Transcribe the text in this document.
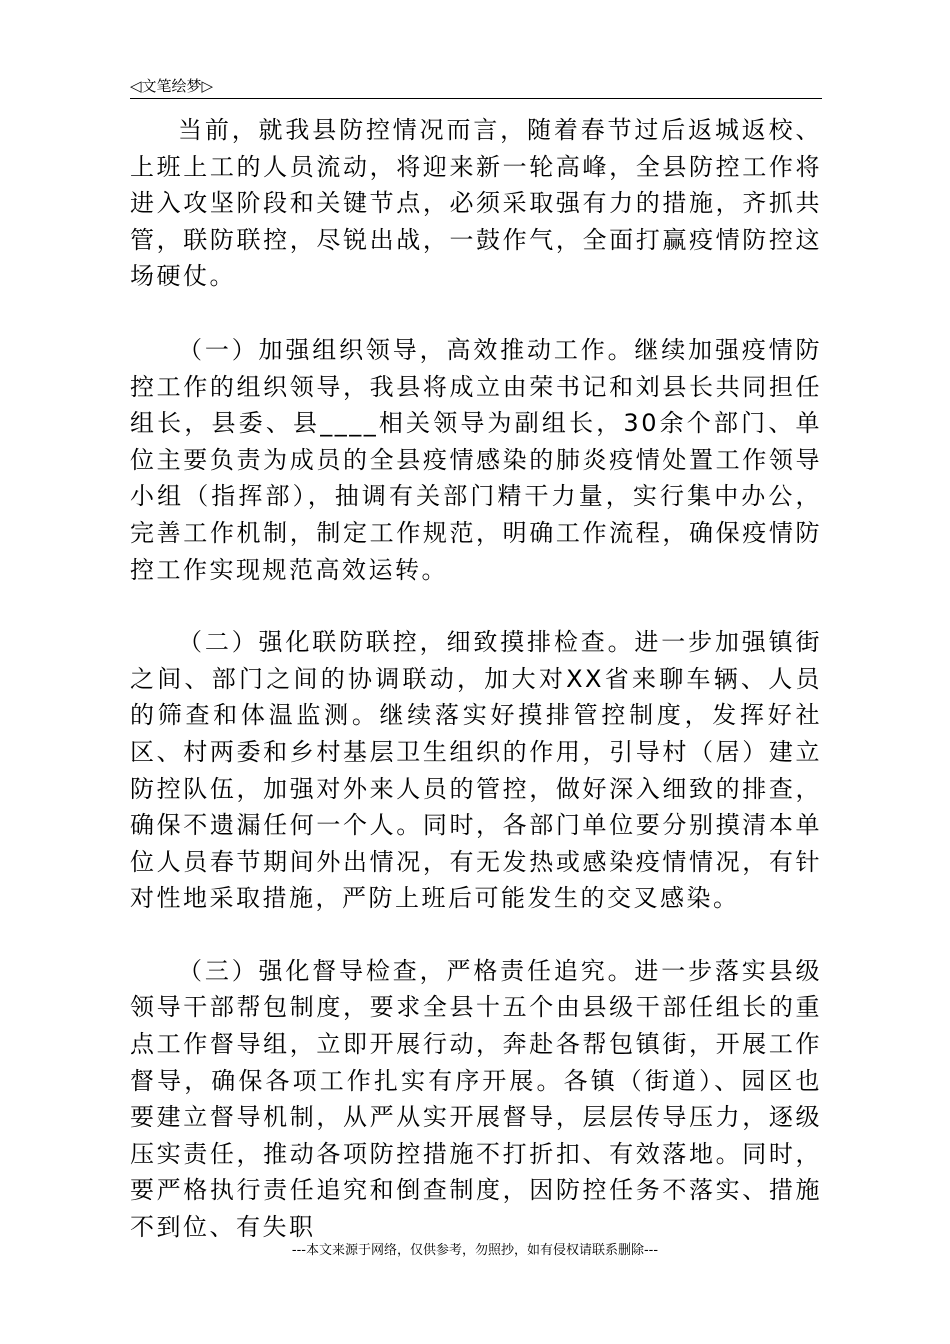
◁文笔绘梦▷

当前，就我县防控情况而言，随着春节过后返城返校、上班上工的人员流动，将迎来新一轮高峰，全县防控工作将进入攻坚阶段和关键节点，必须采取强有力的措施，齐抓共管，联防联控，尽锐出战，一鼓作气，全面打赢疫情防控这场硬仗。

（一）加强组织领导，高效推动工作。继续加强疫情防控工作的组织领导，我县将成立由荣书记和刘县长共同担任组长，县委、县____相关领导为副组长，30余个部门、单位主要负责为成员的全县疫情感染的肺炎疫情处置工作领导小组（指挥部），抽调有关部门精干力量，实行集中办公，完善工作机制，制定工作规范，明确工作流程，确保疫情防控工作实现规范高效运转。

（二）强化联防联控，细致摸排检查。进一步加强镇街之间、部门之间的协调联动，加大对XX省来聊车辆、人员的筛查和体温监测。继续落实好摸排管控制度，发挥好社区、村两委和乡村基层卫生组织的作用，引导村（居）建立防控队伍，加强对外来人员的管控，做好深入细致的排查，确保不遗漏任何一个人。同时，各部门单位要分别摸清本单位人员春节期间外出情况，有无发热或感染疫情情况，有针对性地采取措施，严防上班后可能发生的交叉感染。

（三）强化督导检查，严格责任追究。进一步落实县级领导干部帮包制度，要求全县十五个由县级干部任组长的重点工作督导组，立即开展行动，奔赴各帮包镇街，开展工作督导，确保各项工作扎实有序开展。各镇（街道）、园区也要建立督导机制，从严从实开展督导，层层传导压力，逐级压实责任，推动各项防控措施不打折扣、有效落地。同时，要严格执行责任追究和倒查制度，因防控任务不落实、措施不到位、有失职

---本文来源于网络，仅供参考，勿照抄，如有侵权请联系删除---
